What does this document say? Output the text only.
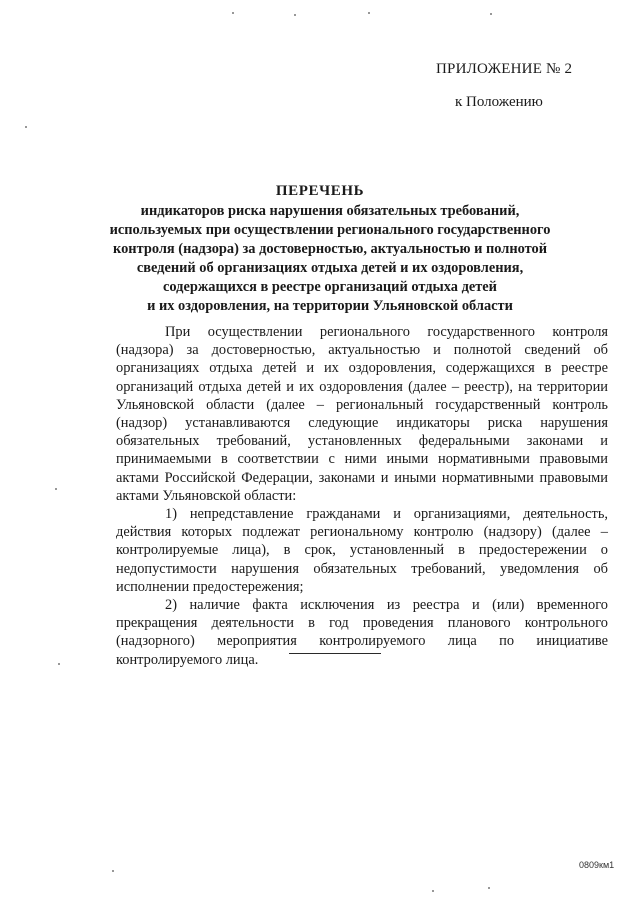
ПРИЛОЖЕНИЕ № 2
к Положению
ПЕРЕЧЕНЬ
индикаторов риска нарушения обязательных требований,
используемых при осуществлении регионального государственного
контроля (надзора) за достоверностью, актуальностью и полнотой
сведений об организациях отдыха детей и их оздоровления,
содержащихся в реестре организаций отдыха детей
и их оздоровления, на территории Ульяновской области

При осуществлении регионального государственного контроля (надзора) за достоверностью, актуальностью и полнотой сведений об организациях отдыха детей и их оздоровления, содержащихся в реестре организаций отдыха детей и их оздоровления (далее – реестр), на территории Ульяновской области (далее – региональный государственный контроль (надзор) устанавливаются следующие индикаторы риска нарушения обязательных требований, установленных федеральными законами и принимаемыми в соответствии с ними иными нормативными правовыми актами Российской Федерации, законами и иными нормативными правовыми актами Ульяновской области:

1) непредставление гражданами и организациями, деятельность, действия которых подлежат региональному контролю (надзору) (далее – контролируемые лица), в срок, установленный в предостережении о недопустимости нарушения обязательных требований, уведомления об исполнении предостережения;

2) наличие факта исключения из реестра и (или) временного прекращения деятельности в год проведения планового контрольного (надзорного) мероприятия контролируемого лица по инициативе контролируемого лица.

0809км1
